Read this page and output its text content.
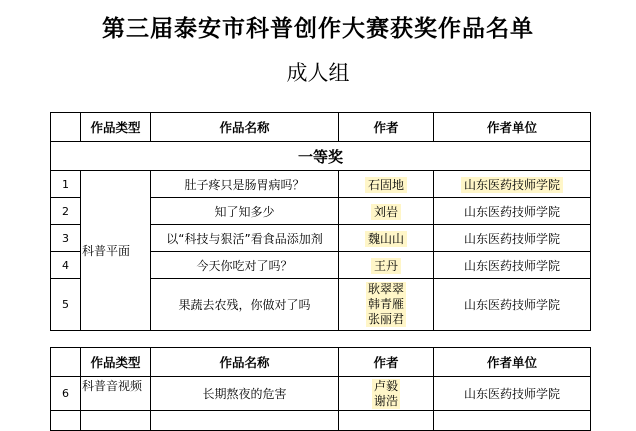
第三届泰安市科普创作大赛获奖作品名单
成人组
	作品类型	作品名称	作者	作者单位
一等奖				
1	科普平面	肚子疼只是肠胃病吗？	石固地	山东医药技师学院
2		知了知多少	刘岩	山东医药技师学院
3		以“科技与狠活”看食品添加剂	魏山山	山东医药技师学院
4		今天你吃对了吗？	王丹	山东医药技师学院
5		果蔬去农残，你做对了吗	耿翠翠
韩青雁
张丽君	山东医药技师学院
	作品类型	作品名称	作者	作者单位
6	科普音视频	长期熬夜的危害	卢毅
谢浩	山东医药技师学院
